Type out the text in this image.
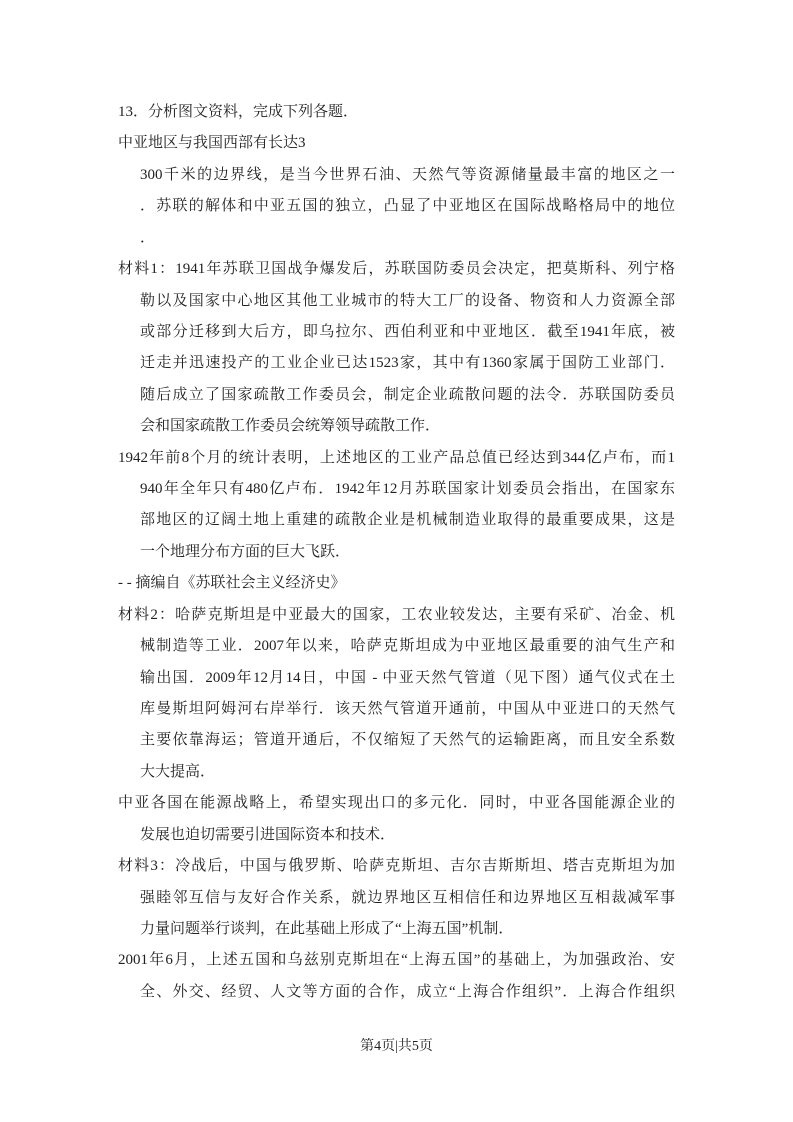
13．分析图文资料，完成下列各题．
中亚地区与我国西部有长达3
300千米的边界线，是当今世界石油、天然气等资源储量最丰富的地区之一
．苏联的解体和中亚五国的独立，凸显了中亚地区在国际战略格局中的地位
．
材料1：1941年苏联卫国战争爆发后，苏联国防委员会决定，把莫斯科、列宁格
勒以及国家中心地区其他工业城市的特大工厂的设备、物资和人力资源全部
或部分迁移到大后方，即乌拉尔、西伯利亚和中亚地区．截至1941年底，被
迁走并迅速投产的工业企业已达1523家，其中有1360家属于国防工业部门．
随后成立了国家疏散工作委员会，制定企业疏散问题的法令．苏联国防委员
会和国家疏散工作委员会统筹领导疏散工作．
1942年前8个月的统计表明，上述地区的工业产品总值已经达到344亿卢布，而1
940年全年只有480亿卢布．1942年12月苏联国家计划委员会指出，在国家东
部地区的辽阔土地上重建的疏散企业是机械制造业取得的最重要成果，这是
一个地理分布方面的巨大飞跃．
- - 摘编自《苏联社会主义经济史》
材料2：哈萨克斯坦是中亚最大的国家，工农业较发达，主要有采矿、冶金、机
械制造等工业．2007年以来，哈萨克斯坦成为中亚地区最重要的油气生产和
输出国．2009年12月14日，中国 - 中亚天然气管道（见下图）通气仪式在土
库曼斯坦阿姆河右岸举行．该天然气管道开通前，中国从中亚进口的天然气
主要依靠海运；管道开通后，不仅缩短了天然气的运输距离，而且安全系数
大大提高．
中亚各国在能源战略上，希望实现出口的多元化．同时，中亚各国能源企业的
发展也迫切需要引进国际资本和技术．
材料3：冷战后，中国与俄罗斯、哈萨克斯坦、吉尔吉斯斯坦、塔吉克斯坦为加
强睦邻互信与友好合作关系，就边界地区互相信任和边界地区互相裁减军事
力量问题举行谈判，在此基础上形成了“上海五国”机制．
2001年6月，上述五国和乌兹别克斯坦在“上海五国”的基础上，为加强政治、安
全、外交、经贸、人文等方面的合作，成立“上海合作组织”．上海合作组织
第4页|共5页
